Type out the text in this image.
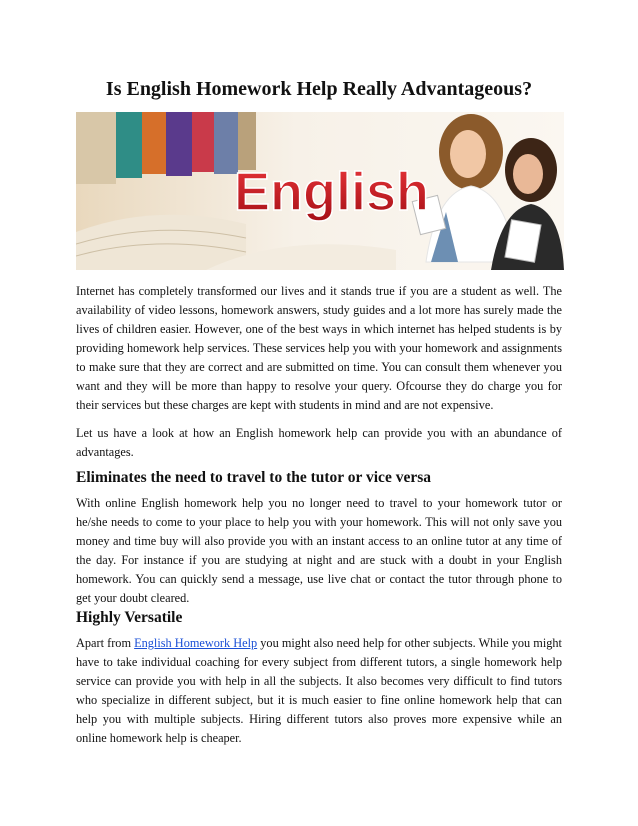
Is English Homework Help Really Advantageous?
English

Internet has completely transformed our lives and it stands true if you are a student as well. The availability of video lessons, homework answers, study guides and a lot more has surely made the lives of children easier. However, one of the best ways in which internet has helped students is by providing homework help services. These services help you with your homework and assignments to make sure that they are correct and are submitted on time. You can consult them whenever you want and they will be more than happy to resolve your query. Ofcourse they do charge you for their services but these charges are kept with students in mind and are not expensive.

Let us have a look at how an English homework help can provide you with an abundance of advantages.

Eliminates the need to travel to the tutor or vice versa

With online English homework help you no longer need to travel to your homework tutor or he/she needs to come to your place to help you with your homework. This will not only save you money and time buy will also provide you with an instant access to an online tutor at any time of the day. For instance if you are studying at night and are stuck with a doubt in your English homework. You can quickly send a message, use live chat or contact the tutor through phone to get your doubt cleared.

Highly Versatile

Apart from English Homework Help you might also need help for other subjects. While you might have to take individual coaching for every subject from different tutors, a single homework help service can provide you with help in all the subjects. It also becomes very difficult to find tutors who specialize in different subject, but it is much easier to fine online homework help that can help you with multiple subjects. Hiring different tutors also proves more expensive while an online homework help is cheaper.
